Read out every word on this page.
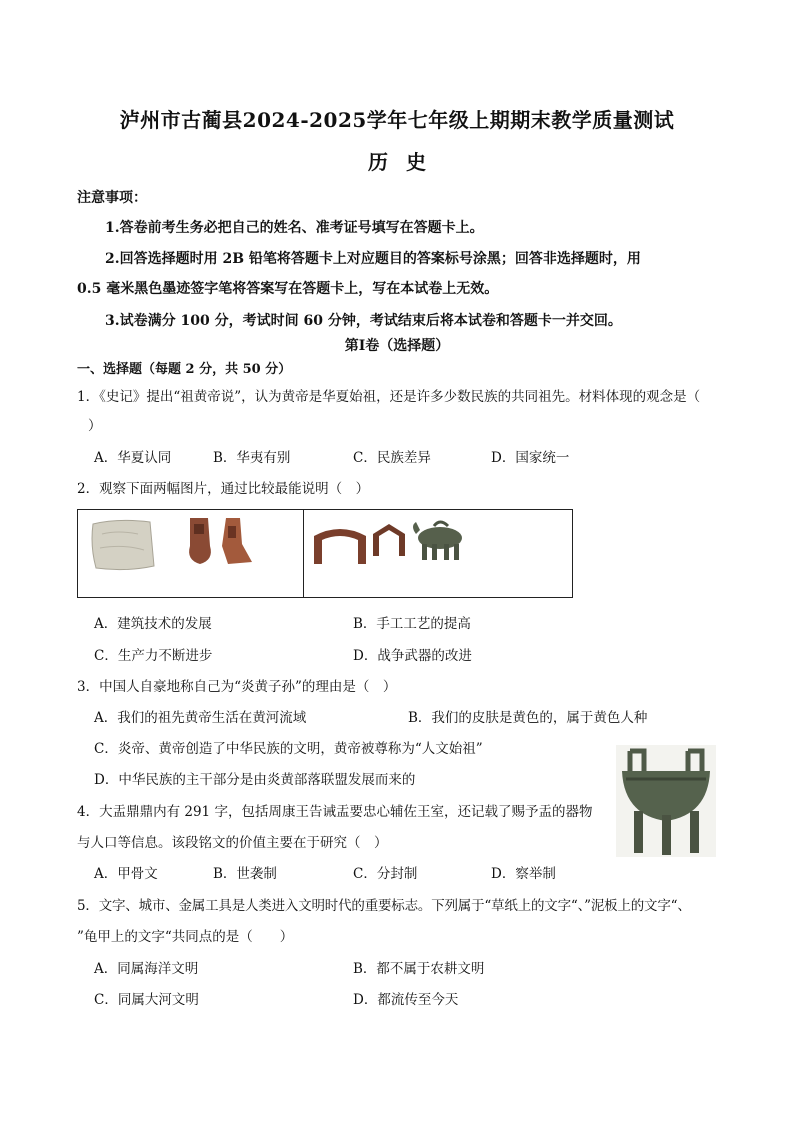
泸州市古蔺县2024-2025学年七年级上期期末教学质量测试
历史
注意事项：
1.答卷前考生务必把自己的姓名、准考证号填写在答题卡上。
2.回答选择题时用 2B 铅笔将答题卡上对应题目的答案标号涂黑；回答非选择题时，用
0.5 毫米黑色墨迹签字笔将答案写在答题卡上，写在本试卷上无效。
3.试卷满分 100 分，考试时间 60 分钟，考试结束后将本试卷和答题卡一并交回。
第Ⅰ卷（选择题）
一、选择题（每题 2 分，共 50 分）
1．《史记》提出“祖黄帝说”，认为黄帝是华夏始祖，还是许多少数民族的共同祖先。材料体现的观念是（
）
A．华夏认同	B．华夷有别	C．民族差异	D．国家统一
2．观察下面两幅图片，通过比较最能说明（　）
A．建筑技术的发展	B．手工工艺的提高
C．生产力不断进步	D．战争武器的改进
3．中国人自豪地称自己为“炎黄子孙”的理由是（　）
A．我们的祖先黄帝生活在黄河流域	B．我们的皮肤是黄色的，属于黄色人种
C．炎帝、黄帝创造了中华民族的文明，黄帝被尊称为“人文始祖”
D．中华民族的主干部分是由炎黄部落联盟发展而来的
4．大盂鼎鼎内有 291 字，包括周康王告诫盂要忠心辅佐王室，还记载了赐予盂的器物
与人口等信息。该段铭文的价值主要在于研究（　）
A．甲骨文	B．世袭制	C．分封制	D．察举制
5．文字、城市、金属工具是人类进入文明时代的重要标志。下列属于“草纸上的文字“、”泥板上的文字“、
”龟甲上的文字“共同点的是（　　）
A．同属海洋文明	B．都不属于农耕文明
C．同属大河文明	D．都流传至今天
